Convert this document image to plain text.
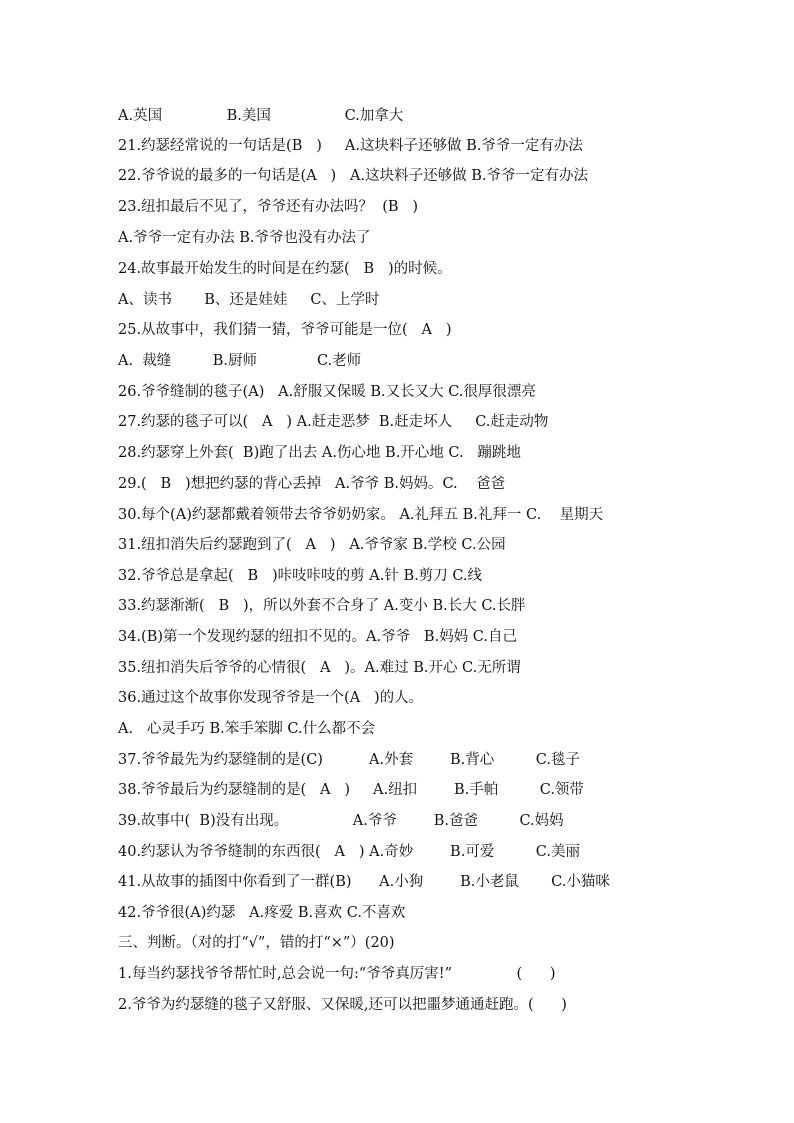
A.英国              B.美国                C.加拿大
21.约瑟经常说的一句话是(B   )     A.这块料子还够做 B.爷爷一定有办法
22.爷爷说的最多的一句话是(A   )   A.这块料子还够做 B.爷爷一定有办法
23.纽扣最后不见了，爷爷还有办法吗？  (B   )
A.爷爷一定有办法 B.爷爷也没有办法了
24.故事最开始发生的时间是在约瑟(   B   )的时候。
A、读书       B、还是娃娃     C、上学时
25.从故事中，我们猜一猜，爷爷可能是一位(   A   )
A.  裁缝         B.厨师             C.老师
26.爷爷缝制的毯子(A)   A.舒服又保暖 B.又长又大 C.很厚很漂亮
27.约瑟的毯子可以(   A   ) A.赶走恶梦  B.赶走坏人     C.赶走动物
28.约瑟穿上外套(  B)跑了出去 A.伤心地 B.开心地 C.   蹦跳地
29.(   B   )想把约瑟的背心丢掉   A.爷爷 B.妈妈。C.    爸爸
30.每个(A)约瑟都戴着领带去爷爷奶奶家。 A.礼拜五 B.礼拜一 C.    星期天
31.纽扣消失后约瑟跑到了(   A   )   A.爷爷家 B.学校 C.公园
32.爷爷总是拿起(   B   )咔吱咔吱的剪 A.针 B.剪刀 C.线
33.约瑟渐渐(   B   )，所以外套不合身了 A.变小 B.长大 C.长胖
34.(B)第一个发现约瑟的纽扣不见的。A.爷爷   B.妈妈 C.自己
35.纽扣消失后爷爷的心情很(   A   )。A.难过 B.开心 C.无所谓
36.通过这个故事你发现爷爷是一个(A   )的人。
A.   心灵手巧 B.笨手笨脚 C.什么都不会
37.爷爷最先为约瑟缝制的是(C)          A.外套        B.背心         C.毯子
38.爷爷最后为约瑟缝制的是(   A   )     A.纽扣        B.手帕         C.领带
39.故事中(  B)没有出现。              A.爷爷        B.爸爸         C.妈妈
40.约瑟认为爷爷缝制的东西很(   A   ) A.奇妙        B.可爱         C.美丽
41.从故事的插图中你看到了一群(B)      A.小狗        B.小老鼠       C.小猫咪
42.爷爷很(A)约瑟   A.疼爱 B.喜欢 C.不喜欢
三、判断。（对的打“√”，错的打“×”）(20)
1.每当约瑟找爷爷帮忙时,总会说一句:“爷爷真厉害!”              (      )
2.爷爷为约瑟缝的毯子又舒服、又保暖,还可以把噩梦通通赶跑。(      )
